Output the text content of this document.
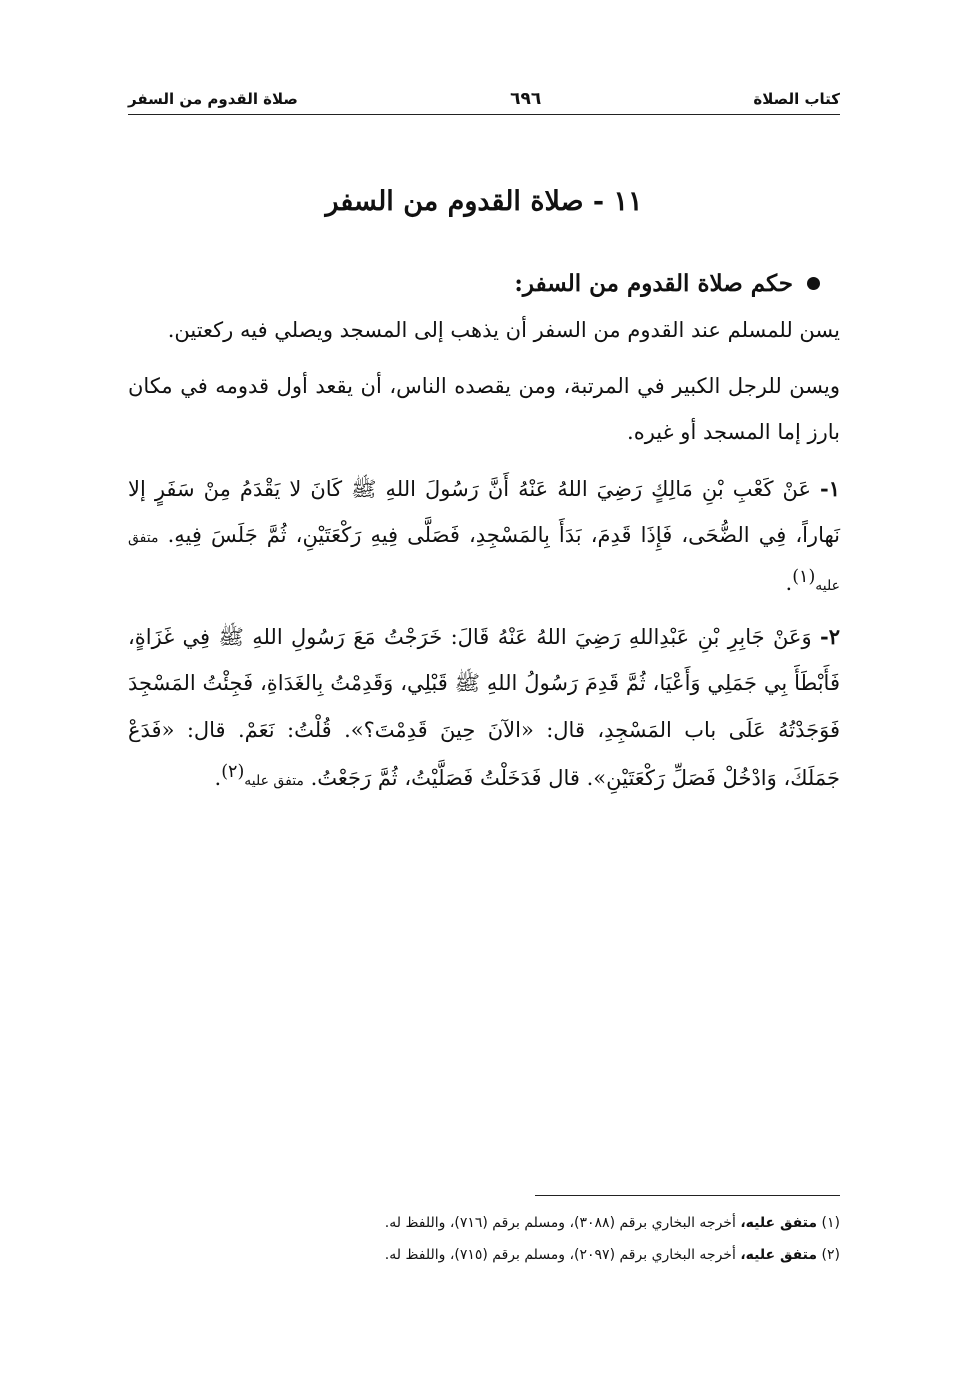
كتاب الصلاة
٦٩٦
صلاة القدوم من السفر
١١ - صلاة القدوم من السفر
حكم صلاة القدوم من السفر:

يسن للمسلم عند القدوم من السفر أن يذهب إلى المسجد ويصلي فيه ركعتين.

ويسن للرجل الكبير في المرتبة، ومن يقصده الناس، أن يقعد أول قدومه في مكان بارز إما المسجد أو غيره.

١- عَنْ كَعْبِ بْنِ مَالِكٍ رَضِيَ اللهُ عَنْهُ أَنَّ رَسُولَ اللهِ ﷺ كَانَ لا يَقْدَمُ مِنْ سَفَرٍ إلا نَهاراً، فِي الضُّحَى، فَإِذَا قَدِمَ، بَدَأَ بِالمَسْجِدِ، فَصَلَّى فِيهِ رَكْعَتَيْنِ، ثُمَّ جَلَسَ فِيهِ. متفق عليه$^{(١)}$.

٢- وَعَنْ جَابِرِ بْنِ عَبْدِاللهِ رَضِيَ اللهُ عَنْهُ قَالَ: خَرَجْتُ مَعَ رَسُولِ اللهِ ﷺ فِي غَزَاةٍ، فَأَبْطَأَ بِي جَمَلِي وَأَعْيَا، ثُمَّ قَدِمَ رَسُولُ اللهِ ﷺ قَبْلِي، وَقَدِمْتُ بِالغَدَاةِ، فَجِئْتُ المَسْجِدَ فَوَجَدْتُهُ عَلَى باب المَسْجِدِ، قال: «الآنَ حِينَ قَدِمْتَ؟». قُلْتُ: نَعَمْ. قال: «فَدَعْ جَمَلَكَ، وَادْخُلْ فَصَلِّ رَكْعَتَيْنِ». قال فَدَخَلْتُ فَصَلَّيْتُ، ثُمَّ رَجَعْتُ. متفق عليه$^{(٢)}$.

(١) متفق عليه، أخرجه البخاري برقم (٣٠٨٨)، ومسلم برقم (٧١٦)، واللفظ له.

(٢) متفق عليه، أخرجه البخاري برقم (٢٠٩٧)، ومسلم برقم (٧١٥)، واللفظ له.
